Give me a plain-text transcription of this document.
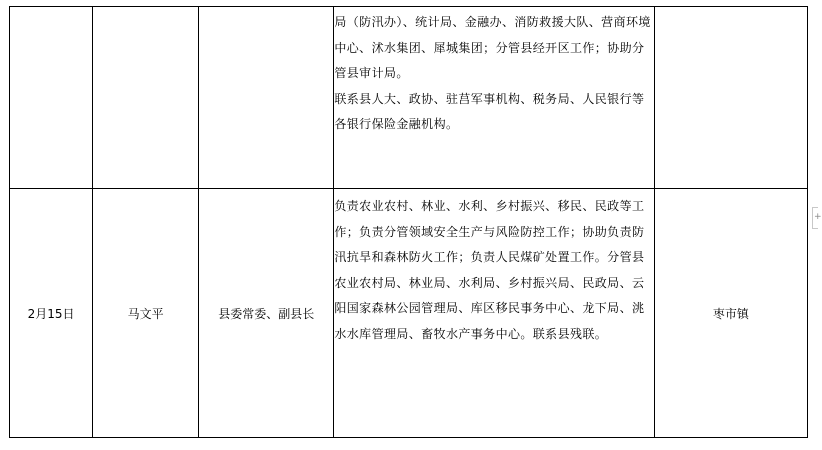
			局（防汛办）、统计局、金融办、消防救援大队、营商环境中心、沭水集团、犀城集团；分管县经开区工作；协助分管县审计局。

联系县人大、政协、驻莒军事机构、税务局、人民银行等各银行保险金融机构。	

2月15日	马文平	县委常委、副县长	负责农业农村、林业、水利、乡村振兴、移民、民政等工作；负责分管领域安全生产与风险防控工作；协助负责防汛抗旱和森林防火工作；负责人民煤矿处置工作。分管县农业农村局、林业局、水利局、乡村振兴局、民政局、云阳国家森林公园管理局、库区移民事务中心、龙下局、洮水水库管理局、畜牧水产事务中心。联系县残联。	枣市镇
+
